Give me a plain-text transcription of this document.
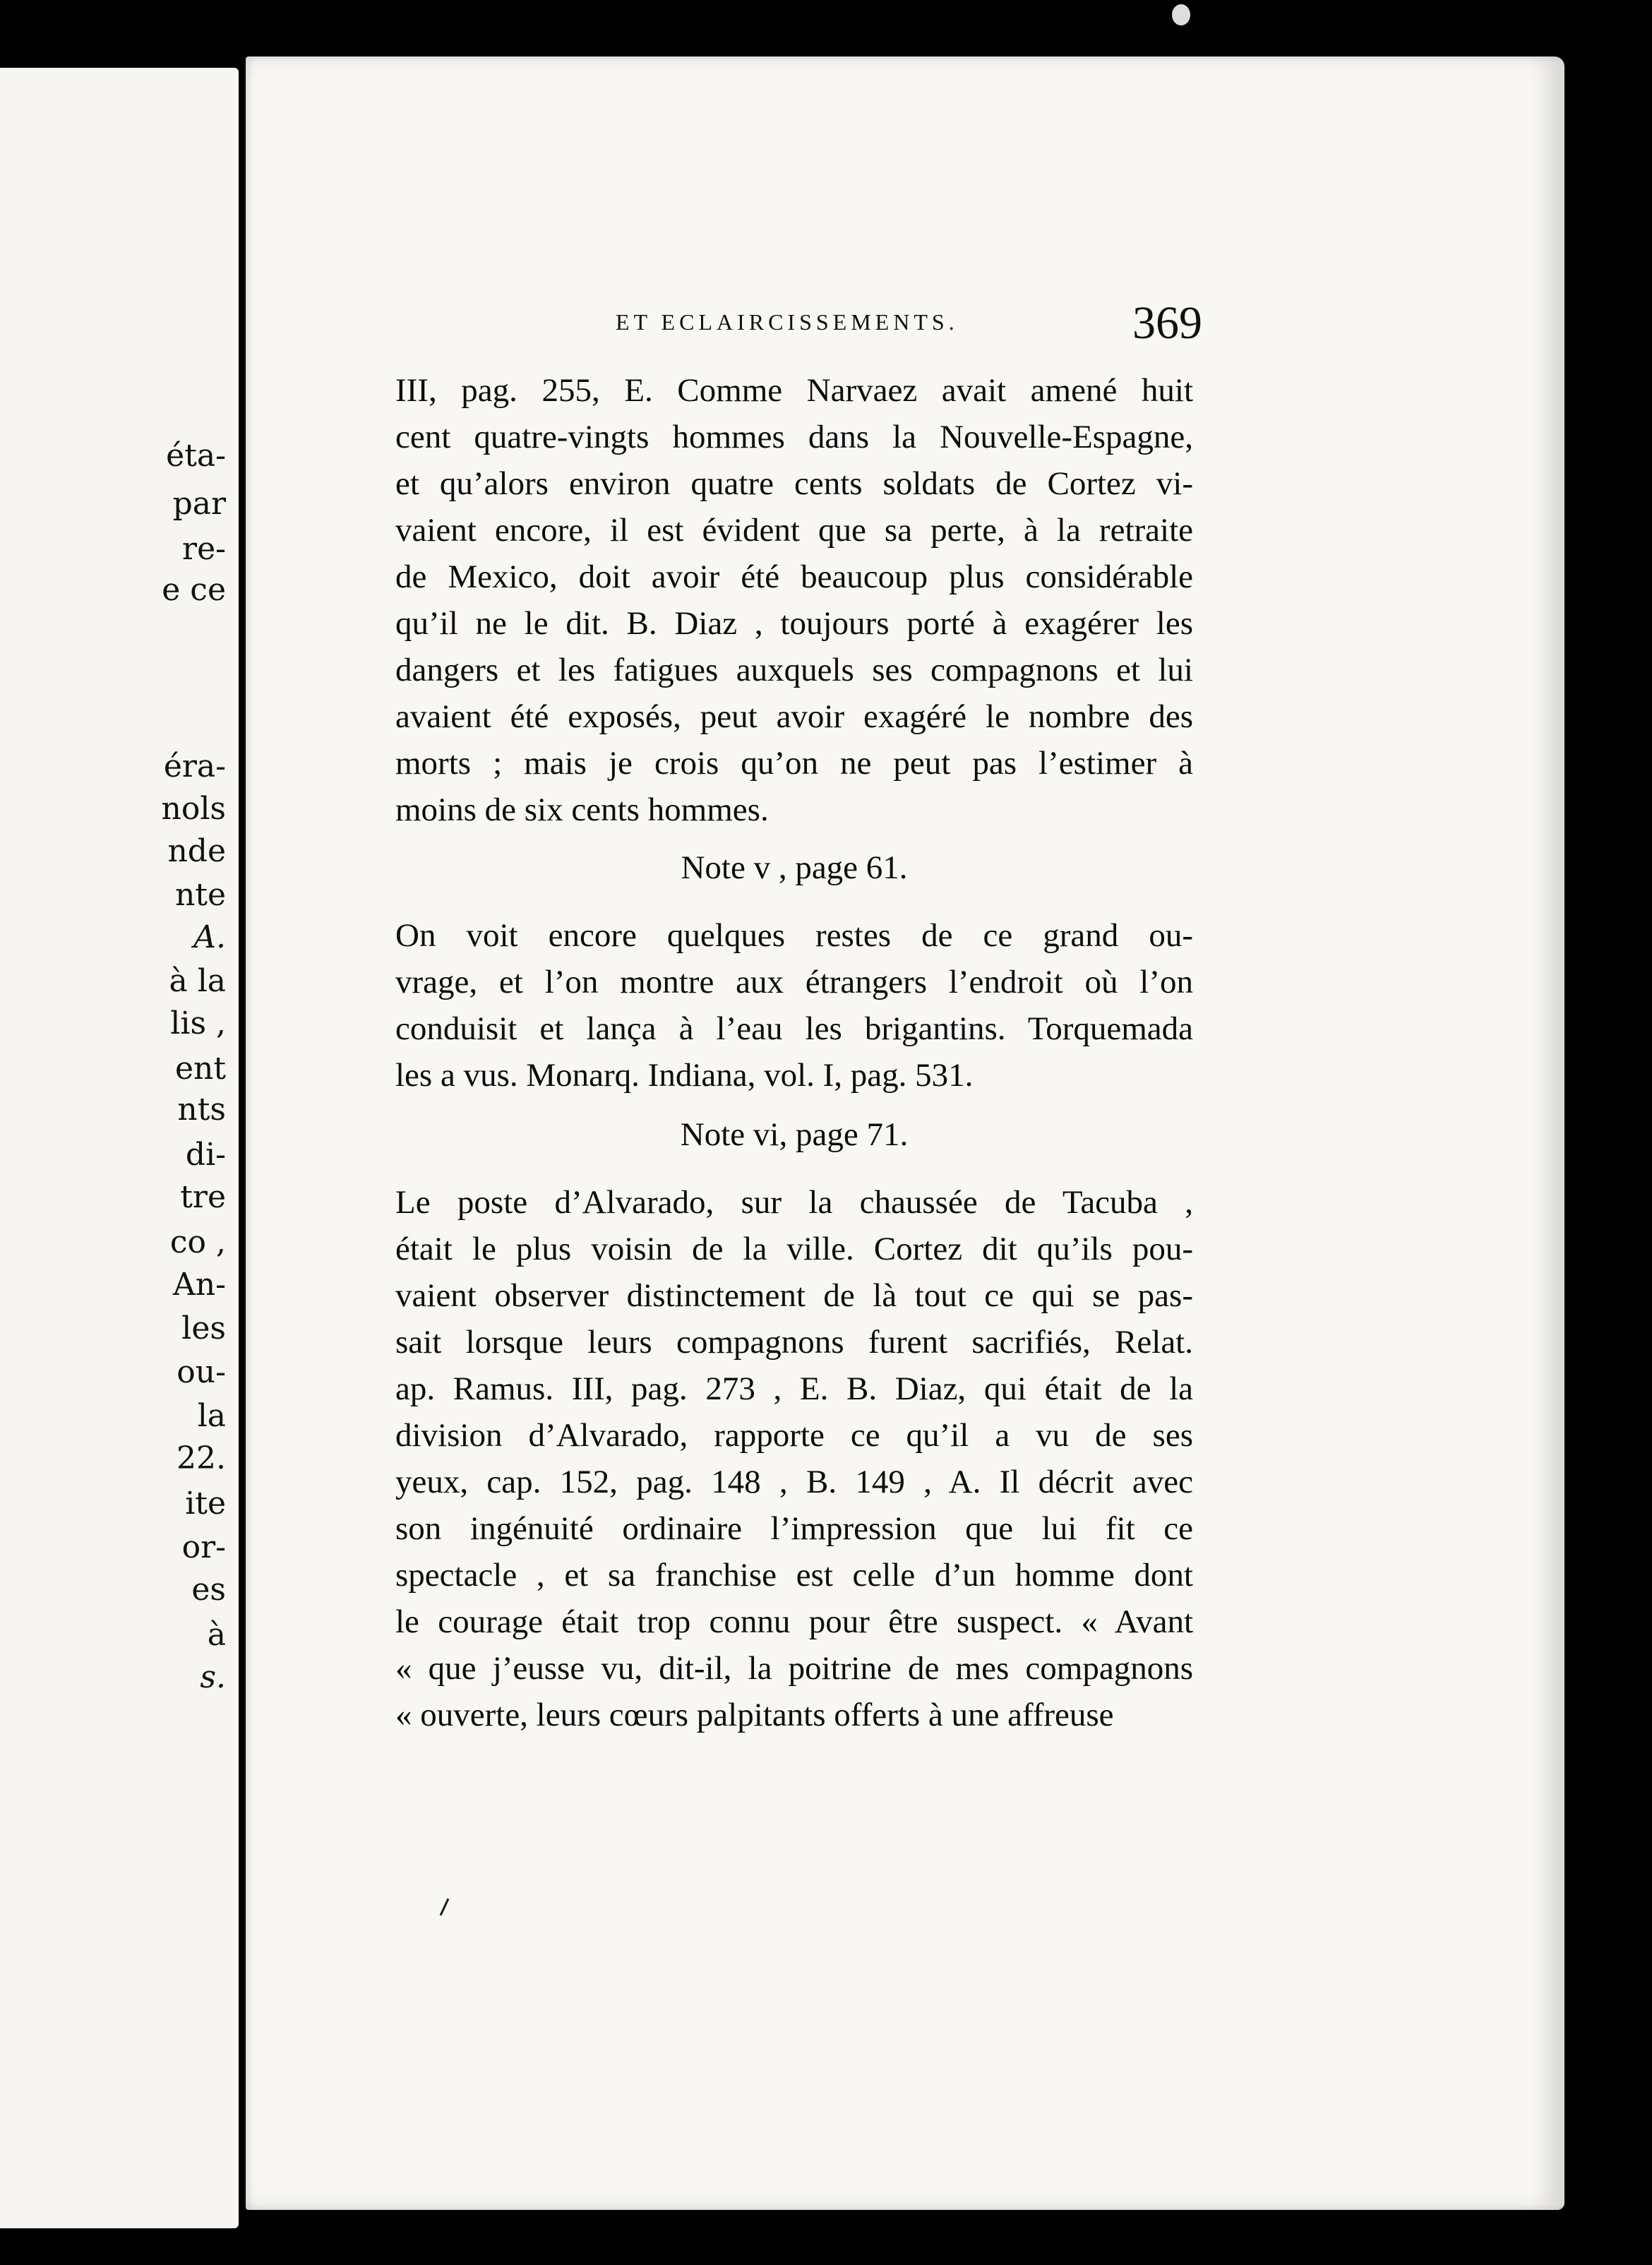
éta-
par
re-
e ce
éra-
nols
nde
nte
A.
à la
lis ,
ent
nts
di-
tre
co ,
An-
les
ou-
la
22.
ite
or-
es
à
s.
ET ECLAIRCISSEMENTS.	369
III, pag. 255, E. Comme Narvaez avait amené huit
cent quatre-vingts hommes dans la Nouvelle-Espagne,
et qu’alors environ quatre cents soldats de Cortez vi-
vaient encore, il est évident que sa perte, à la retraite
de Mexico, doit avoir été beaucoup plus considérable
qu’il ne le dit. B. Diaz , toujours porté à exagérer les
dangers et les fatigues auxquels ses compagnons et lui
avaient été exposés, peut avoir exagéré le nombre des
morts ; mais je crois qu’on ne peut pas l’estimer à
moins de six cents hommes.
Note v , page 61.
On voit encore quelques restes de ce grand ou-
vrage, et l’on montre aux étrangers l’endroit où l’on
conduisit et lança à l’eau les brigantins. Torquemada
les a vus. Monarq. Indiana, vol. I, pag. 531.
Note vi, page 71.
Le poste d’Alvarado, sur la chaussée de Tacuba ,
était le plus voisin de la ville. Cortez dit qu’ils pou-
vaient observer distinctement de là tout ce qui se pas-
sait lorsque leurs compagnons furent sacrifiés, Relat.
ap. Ramus. III, pag. 273 , E. B. Diaz, qui était de la
division d’Alvarado, rapporte ce qu’il a vu de ses
yeux, cap. 152, pag. 148 , B. 149 , A. Il décrit avec
son ingénuité ordinaire l’impression que lui fit ce
spectacle , et sa franchise est celle d’un homme dont
le courage était trop connu pour être suspect. « Avant
« que j’eusse vu, dit-il, la poitrine de mes compagnons
« ouverte, leurs cœurs palpitants offerts à une affreuse
